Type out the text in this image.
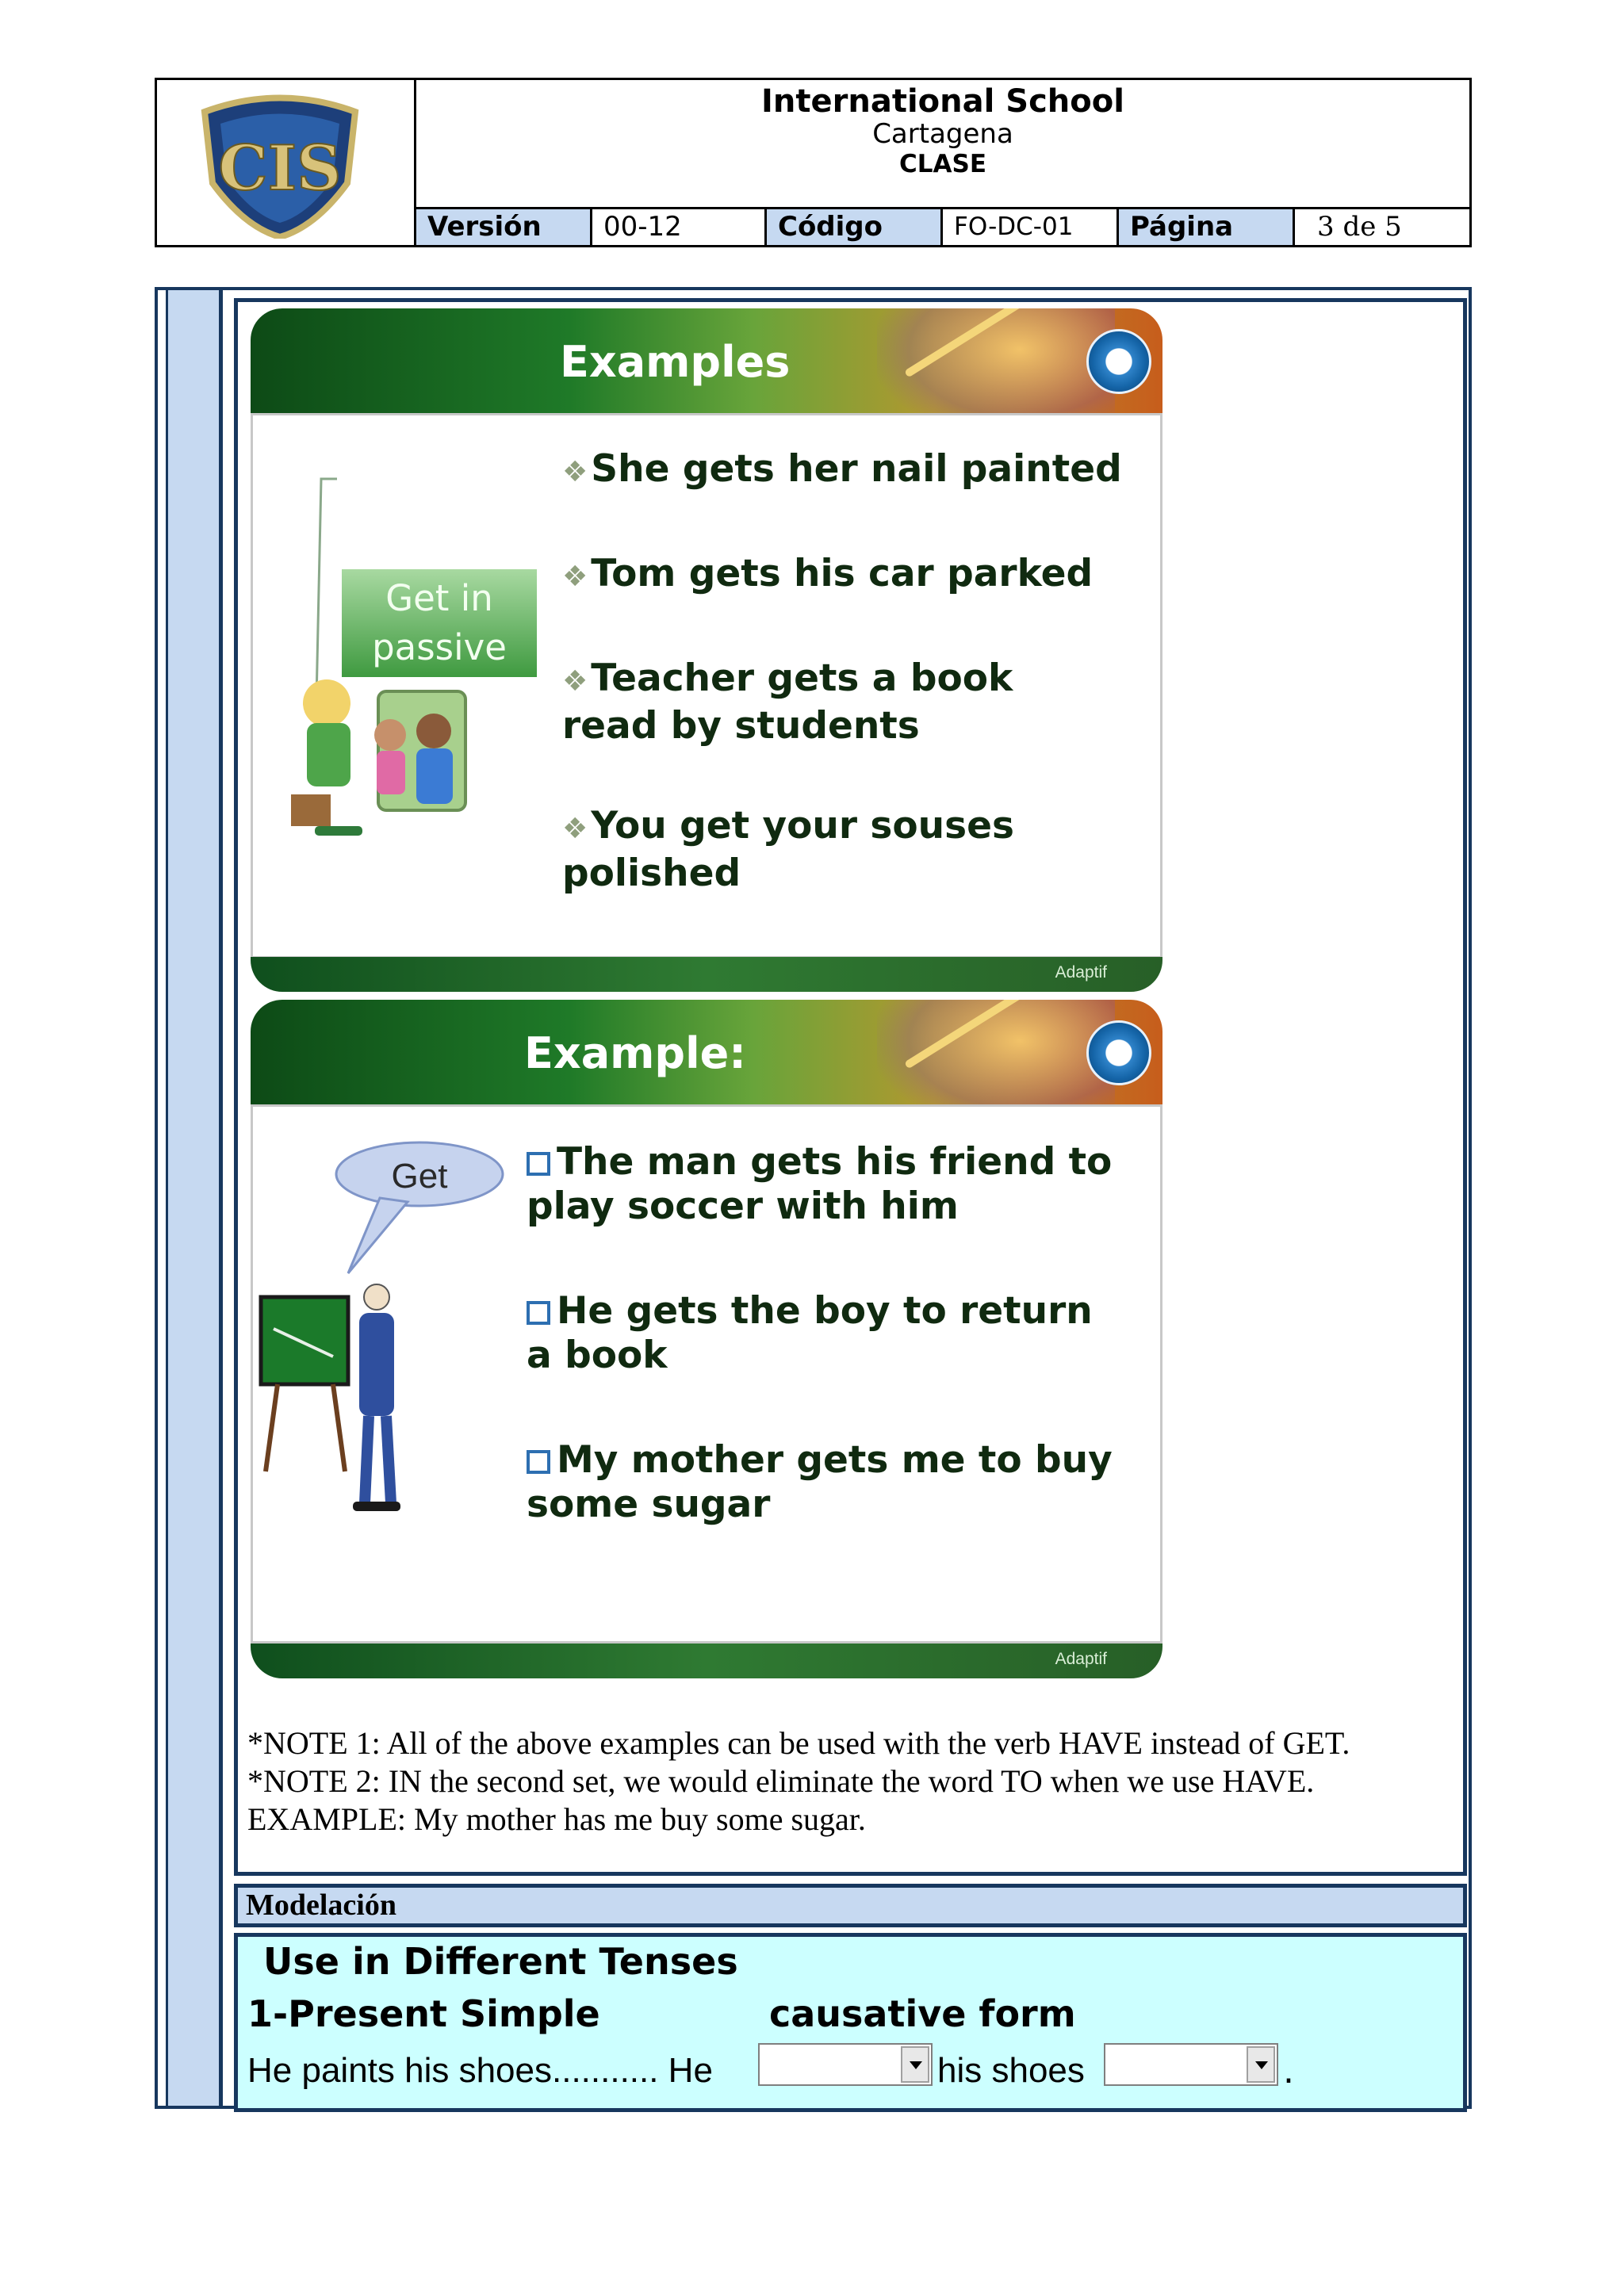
CIS
International School
Cartagena
CLASE
Versión	00-12	Código	FO-DC-01	Página	3 de 5
Examples
Get in passive
❖She gets her nail painted
❖Tom gets his car parked
❖Teacher gets a book read by students
❖You get your souses polished
Adaptif
Example:
Get	The man gets his friend to play soccer with him
He gets the boy to return a book
My mother gets me to buy some sugar
Adaptif
*NOTE 1: All of the above examples can be used with the verb HAVE instead of GET.
*NOTE 2: IN the second set, we would eliminate the word TO when we use HAVE.
EXAMPLE: My mother has me buy some sugar.
Modelación
Use in Different Tenses
1-Present Simple	causative form
He paints his shoes........... He	his shoes	.
